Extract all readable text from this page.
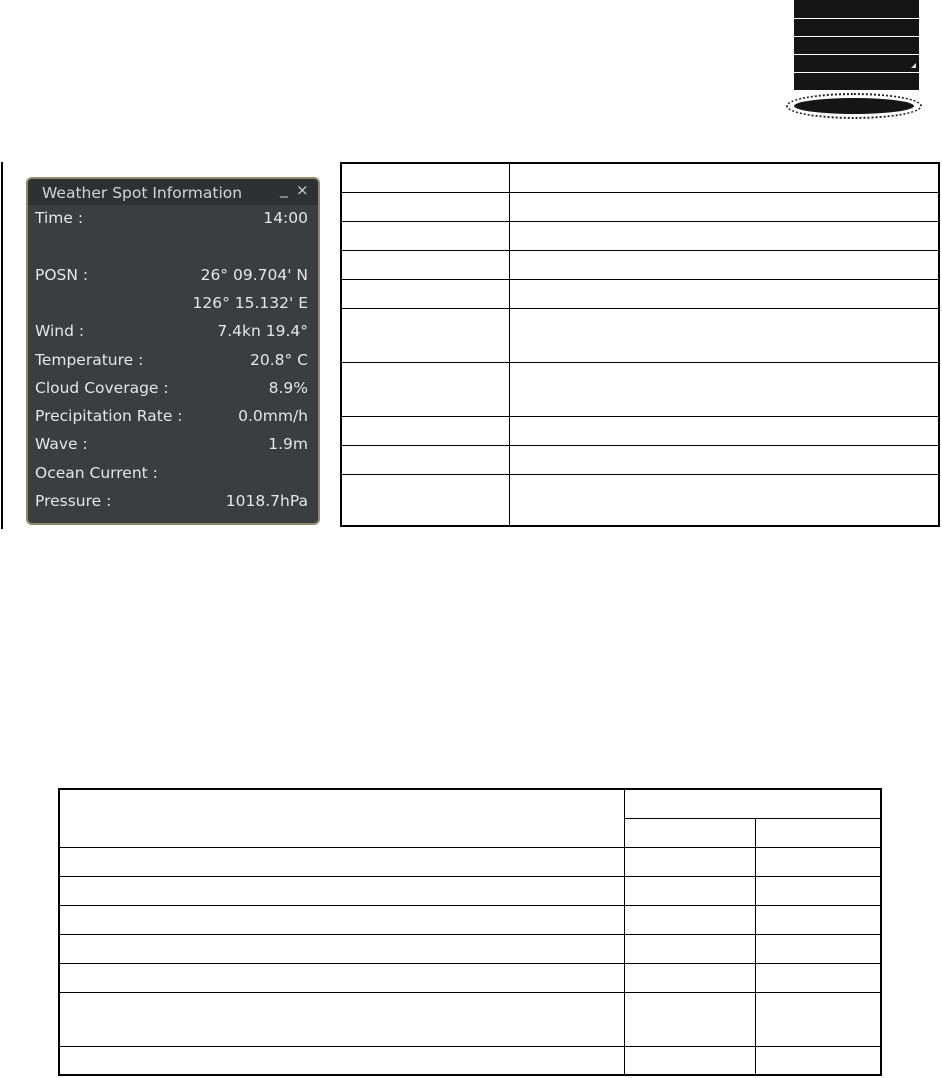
Weather Spot Information _ ×
Time :	14:00
POSN :	26° 09.704' N
126° 15.132' E
Wind :	7.4kn 19.4°
Temperature :	20.8° C
Cloud Coverage :	8.9%
Precipitation Rate :	0.0mm/h
Wave :	1.9m
Ocean Current :
Pressure :	1018.7hPa
